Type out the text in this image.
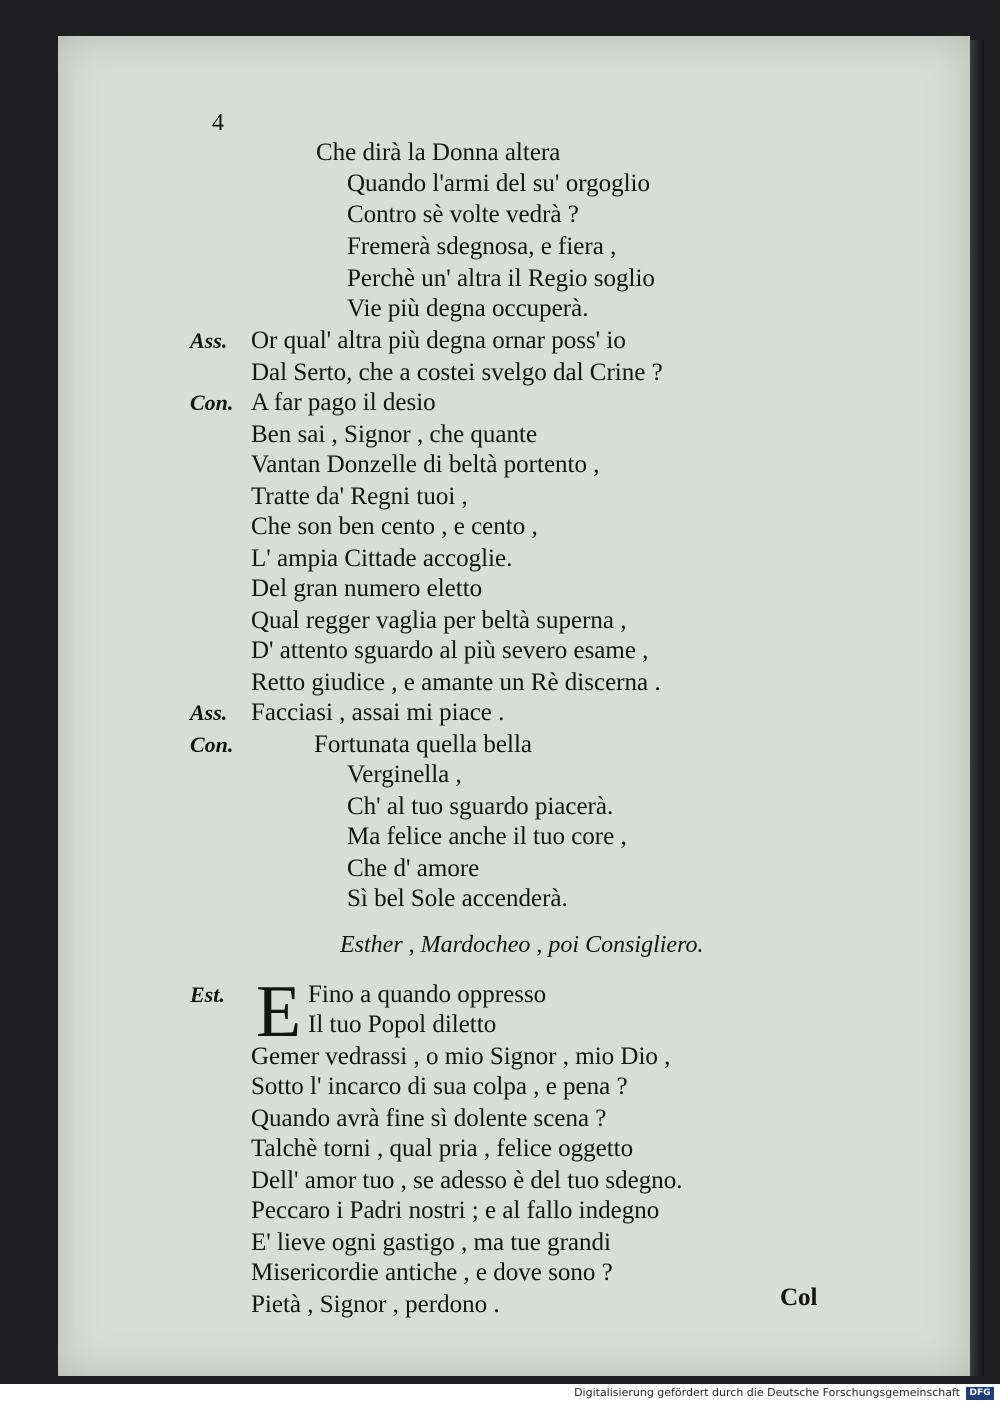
4
Che dirà la Donna altera
Quando l'armi del su' orgoglio
Contro sè volte vedrà ?
Fremerà sdegnosa, e fiera ,
Perchè un' altra il Regio soglio
Vie più degna occuperà.
Or qual' altra più degna ornar poss' io
Ass.
Dal Serto, che a costei svelgo dal Crine ?
A far pago il desio
Con.
Ben sai , Signor , che quante
Vantan Donzelle di beltà portento ,
Tratte da' Regni tuoi ,
Che son ben cento , e cento ,
L' ampia Cittade accoglie.
Del gran numero eletto
Qual regger vaglia per beltà superna ,
D' attento sguardo al più severo esame ,
Retto giudice , e amante un Rè discerna .
Facciasi , assai mi piace .
Ass.
Fortunata quella bella
Con.
Verginella ,
Ch' al tuo sguardo piacerà.
Ma felice anche il tuo core ,
Che d' amore
Sì bel Sole accenderà.
Fino a quando oppresso
Est.
Il tuo Popol diletto
Gemer vedrassi , o mio Signor , mio Dio ,
Sotto l' incarco di sua colpa , e pena ?
Quando avrà fine sì dolente scena ?
Talchè torni , qual pria , felice oggetto
Dell' amor tuo , se adesso è del tuo sdegno.
Peccaro i Padri nostri ; e al fallo indegno
E' lieve ogni gastigo , ma tue grandi
Misericordie antiche , e dove sono ?
Pietà , Signor , perdono .
Esther , Mardocheo , poi Consigliero.
E
Col
Digitalisierung gefördert durch die Deutsche Forschungsgemeinschaft	DFG
